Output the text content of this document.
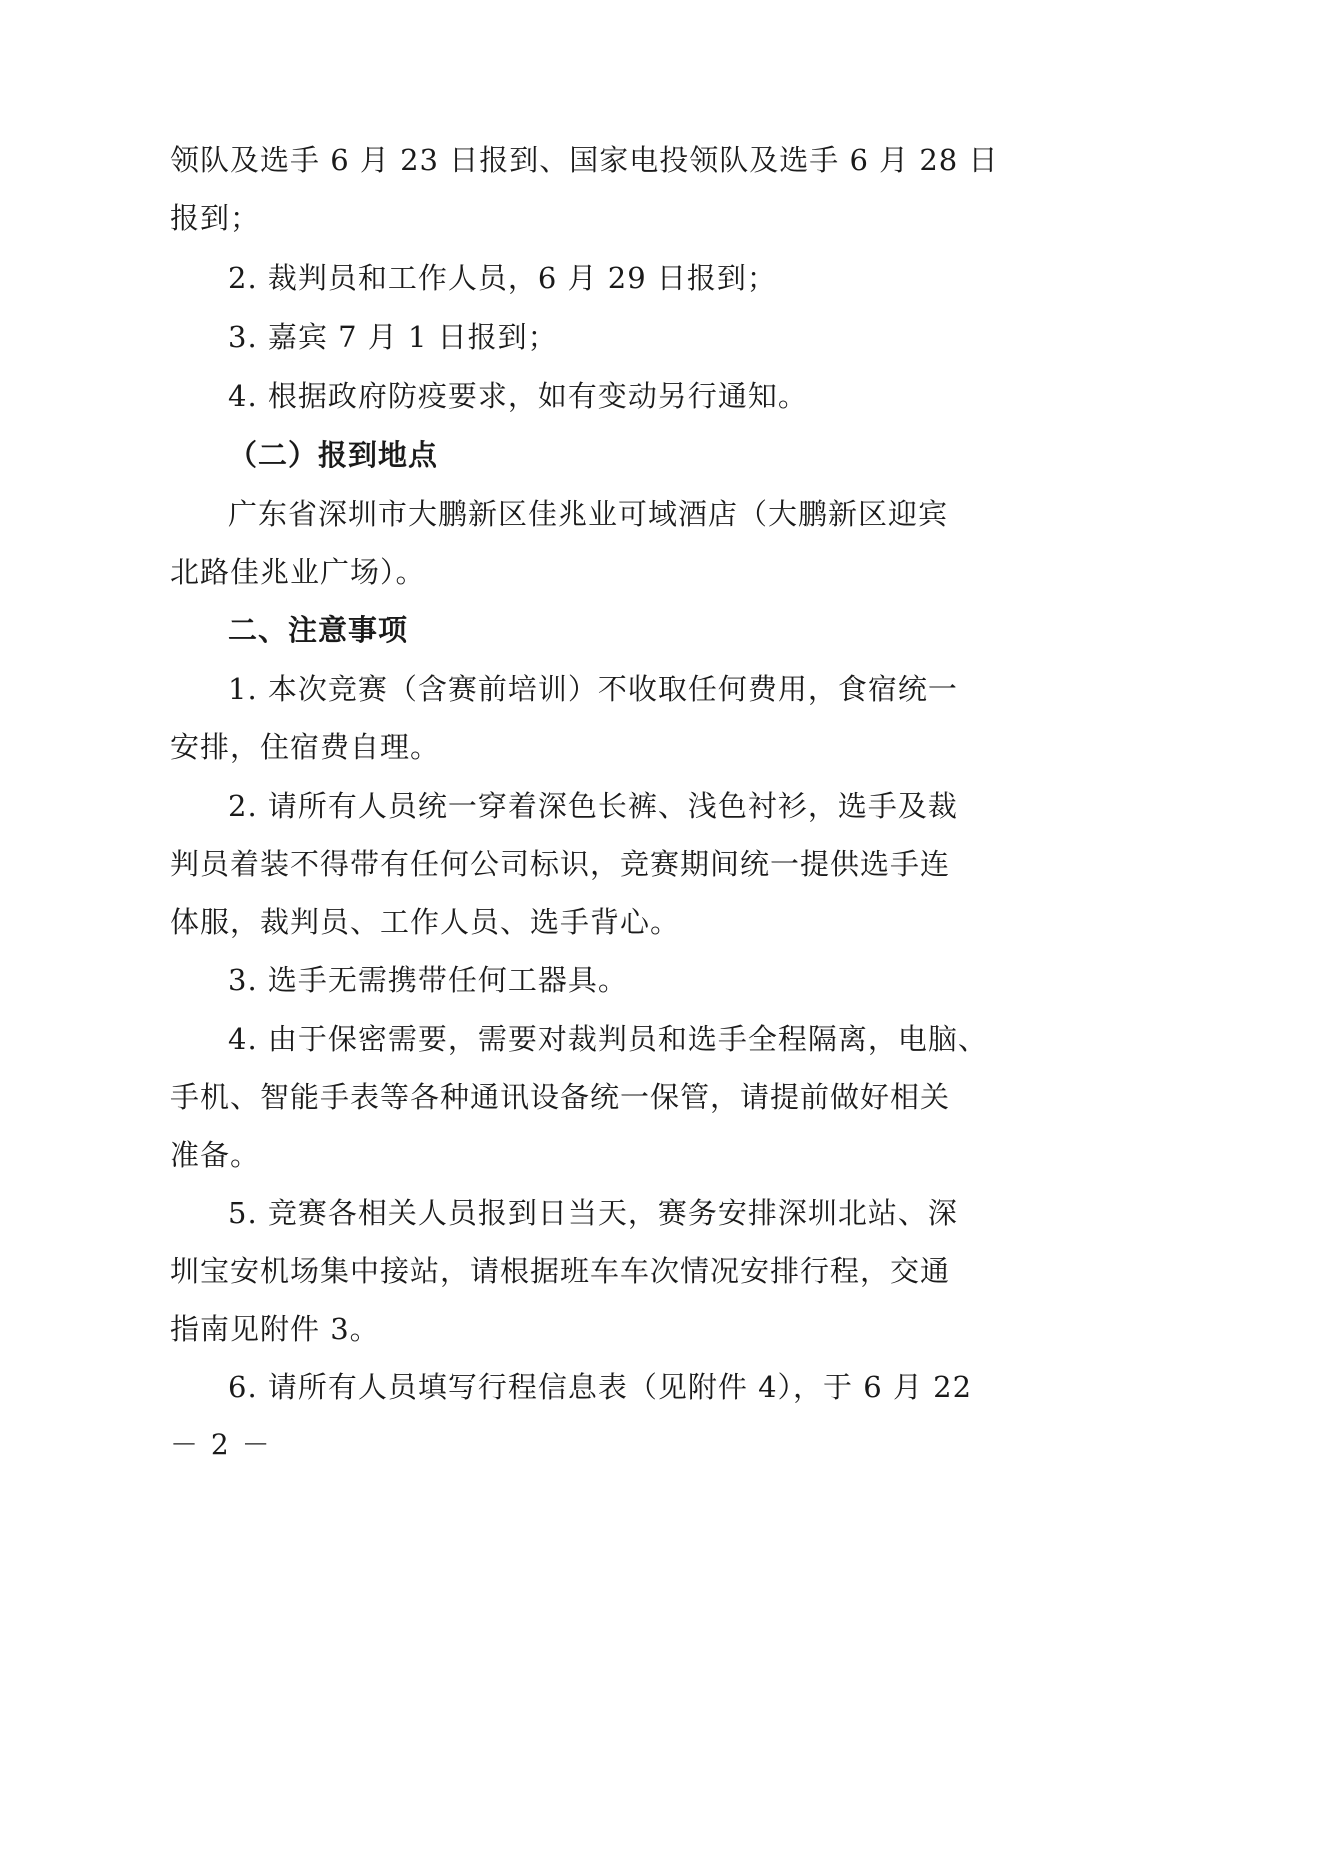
领队及选手 6 月 23 日报到、国家电投领队及选手 6 月 28 日
报到；
2. 裁判员和工作人员，6 月 29 日报到；
3. 嘉宾 7 月 1 日报到；
4. 根据政府防疫要求，如有变动另行通知。
（二）报到地点
广东省深圳市大鹏新区佳兆业可域酒店（大鹏新区迎宾
北路佳兆业广场）。
二、注意事项
1. 本次竞赛（含赛前培训）不收取任何费用，食宿统一
安排，住宿费自理。
2. 请所有人员统一穿着深色长裤、浅色衬衫，选手及裁
判员着装不得带有任何公司标识，竞赛期间统一提供选手连
体服，裁判员、工作人员、选手背心。
3. 选手无需携带任何工器具。
4. 由于保密需要，需要对裁判员和选手全程隔离，电脑、
手机、智能手表等各种通讯设备统一保管，请提前做好相关
准备。
5. 竞赛各相关人员报到日当天，赛务安排深圳北站、深
圳宝安机场集中接站，请根据班车车次情况安排行程，交通
指南见附件 3。
6. 请所有人员填写行程信息表（见附件 4），于 6 月 22
－ 2 －
